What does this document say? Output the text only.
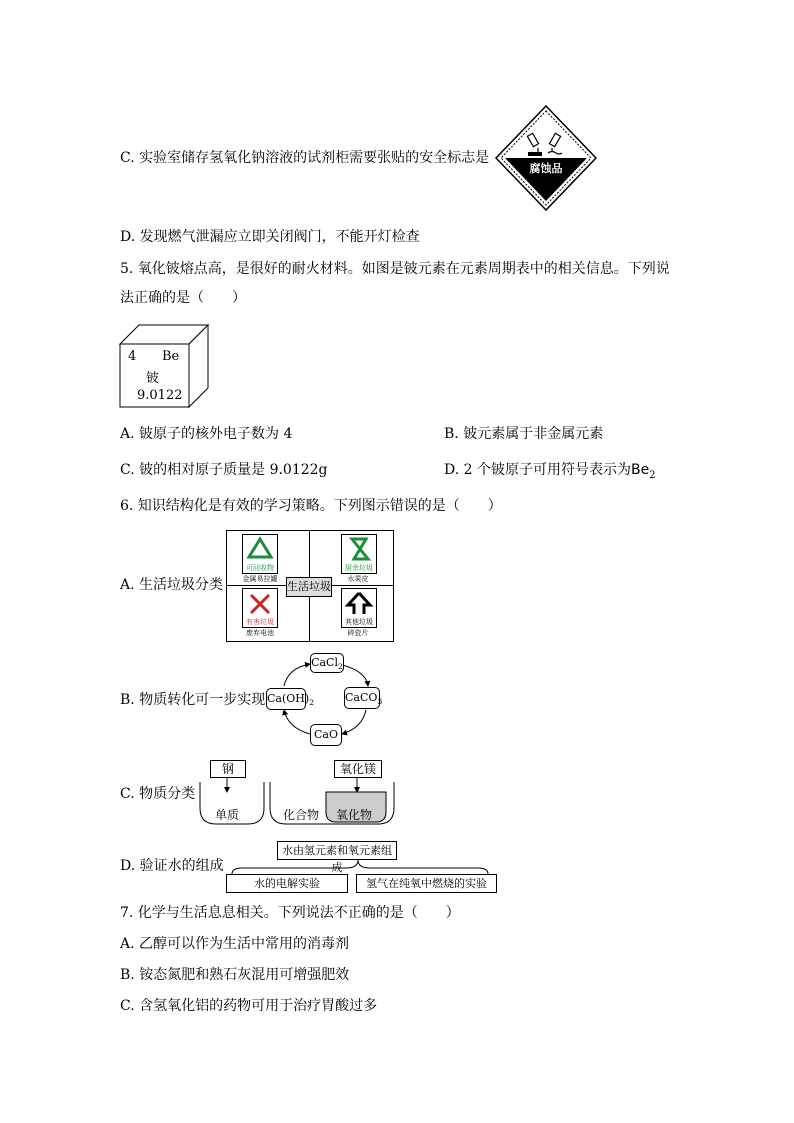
C. 实验室储存氢氧化钠溶液的试剂柜需要张贴的安全标志是
腐蚀品
D. 发现燃气泄漏应立即关闭阀门，不能开灯检查
5. 氧化铍熔点高，是很好的耐火材料。如图是铍元素在元素周期表中的相关信息。下列说
法正确的是（　　）
4 Be
铍
9.0122
A. 铍原子的核外电子数为 4	B. 铍元素属于非金属元素
C. 铍的相对原子质量是 9.0122g	D. 2 个铍原子可用符号表示为$Be_2$
6. 知识结构化是有效的学习策略。下列图示错误的是（　　）
A. 生活垃圾分类
可回收物
金属易拉罐
厨余垃圾
水果皮
生活垃圾
有害垃圾
废弃电池
其他垃圾
碎瓷片
B. 物质转化可一步实现
CaCl$_2$
CaCO$_3$
CaO
$Ca(OH)_2$
C. 物质分类
钢	氧化镁
单质	化合物 氧化物
D. 验证水的组成
水由氢元素和氧元素组成
水的电解实验	氢气在纯氧中燃烧的实验
7. 化学与生活息息相关。下列说法不正确的是（　　）
A. 乙醇可以作为生活中常用的消毒剂
B. 铵态氮肥和熟石灰混用可增强肥效
C. 含氢氧化铝的药物可用于治疗胃酸过多
